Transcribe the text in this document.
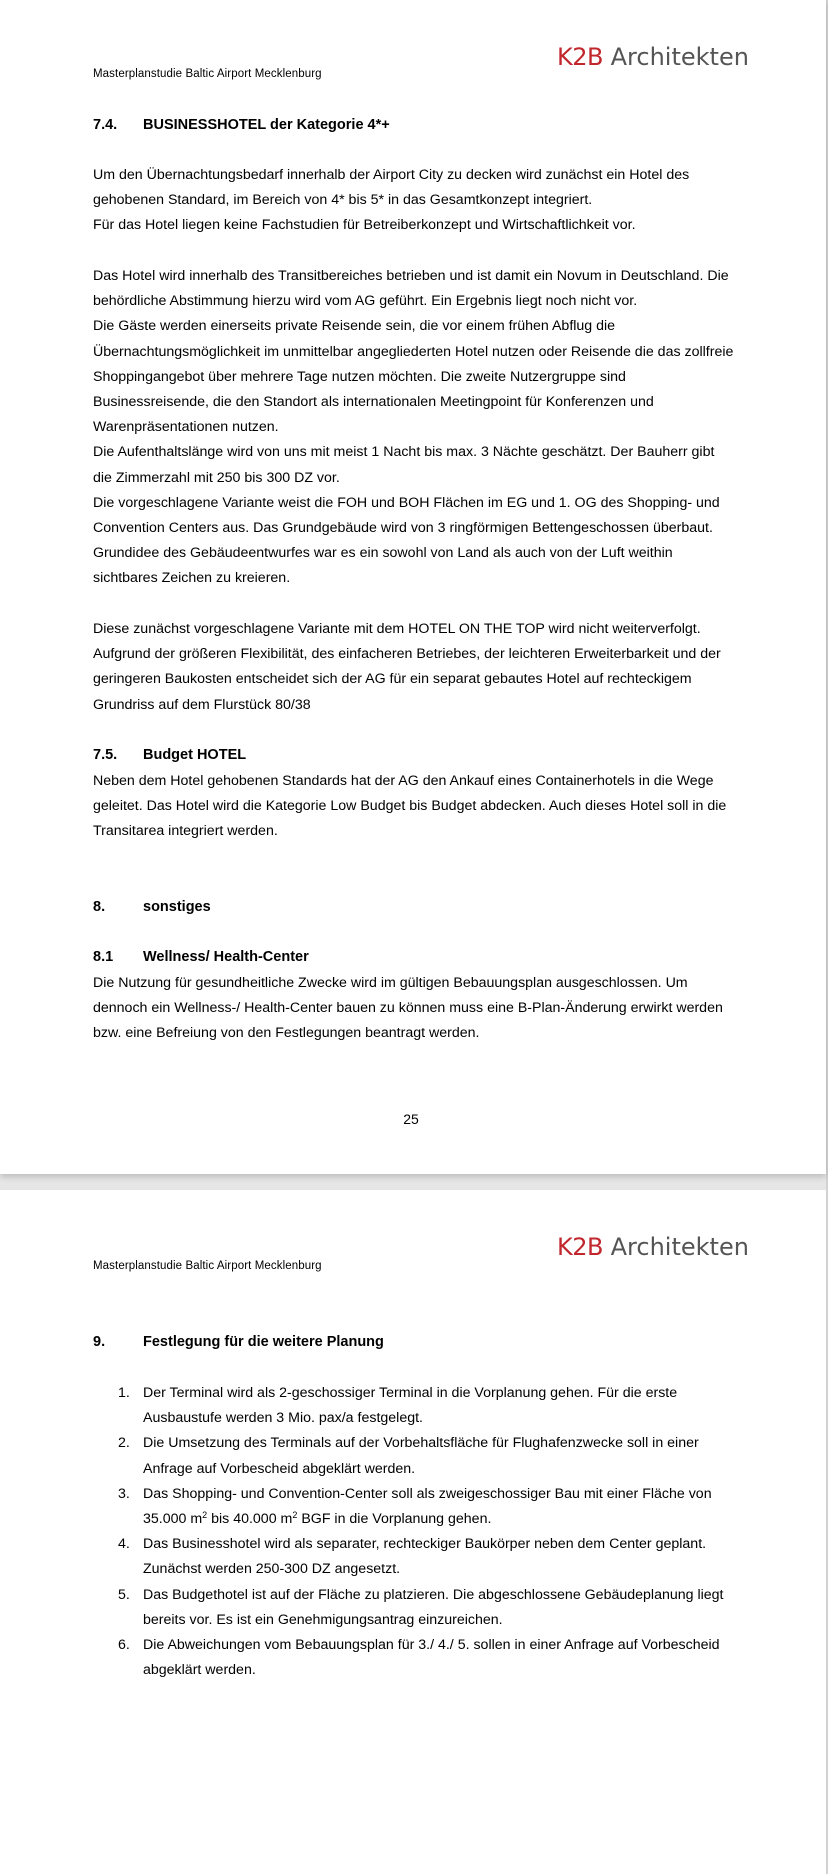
Masterplanstudie Baltic Airport Mecklenburg
K2B Architekten
7.4. BUSINESSHOTEL der Kategorie 4*+
Um den Übernachtungsbedarf innerhalb der Airport City zu decken wird zunächst ein Hotel des
gehobenen Standard, im Bereich von 4* bis 5* in das Gesamtkonzept integriert.
Für das Hotel liegen keine Fachstudien für Betreiberkonzept und Wirtschaftlichkeit vor.
Das Hotel wird innerhalb des Transitbereiches betrieben und ist damit ein Novum in Deutschland. Die
behördliche Abstimmung hierzu wird vom AG geführt. Ein Ergebnis liegt noch nicht vor.
Die Gäste werden einerseits private Reisende sein, die vor einem frühen Abflug die
Übernachtungsmöglichkeit im unmittelbar angegliederten Hotel nutzen oder Reisende die das zollfreie
Shoppingangebot über mehrere Tage nutzen möchten. Die zweite Nutzergruppe sind
Businessreisende, die den Standort als internationalen Meetingpoint für Konferenzen und
Warenpräsentationen nutzen.
Die Aufenthaltslänge wird von uns mit meist 1 Nacht bis max. 3 Nächte geschätzt. Der Bauherr gibt
die Zimmerzahl mit 250 bis 300 DZ vor.
Die vorgeschlagene Variante weist die FOH und BOH Flächen im EG und 1. OG des Shopping- und
Convention Centers aus. Das Grundgebäude wird von 3 ringförmigen Bettengeschossen überbaut.
Grundidee des Gebäudeentwurfes war es ein sowohl von Land als auch von der Luft weithin
sichtbares Zeichen zu kreieren.
Diese zunächst vorgeschlagene Variante mit dem HOTEL ON THE TOP wird nicht weiterverfolgt.
Aufgrund der größeren Flexibilität, des einfacheren Betriebes, der leichteren Erweiterbarkeit und der
geringeren Baukosten entscheidet sich der AG für ein separat gebautes Hotel auf rechteckigem
Grundriss auf dem Flurstück 80/38
7.5. Budget HOTEL
Neben dem Hotel gehobenen Standards hat der AG den Ankauf eines Containerhotels in die Wege
geleitet. Das Hotel wird die Kategorie Low Budget bis Budget abdecken. Auch dieses Hotel soll in die
Transitarea integriert werden.
8.	sonstiges
8.1 Wellness/ Health-Center
Die Nutzung für gesundheitliche Zwecke wird im gültigen Bebauungsplan ausgeschlossen. Um
dennoch ein Wellness-/ Health-Center bauen zu können muss eine B-Plan-Änderung erwirkt werden
bzw. eine Befreiung von den Festlegungen beantragt werden.
25
Masterplanstudie Baltic Airport Mecklenburg
K2B Architekten
9.	Festlegung für die weitere Planung
1. Der Terminal wird als 2-geschossiger Terminal in die Vorplanung gehen. Für die erste
Ausbaustufe werden 3 Mio. pax/a festgelegt.
2. Die Umsetzung des Terminals auf der Vorbehaltsfläche für Flughafenzwecke soll in einer
Anfrage auf Vorbescheid abgeklärt werden.
3. Das Shopping- und Convention-Center soll als zweigeschossiger Bau mit einer Fläche von
35.000 $m^2$ bis 40.000 $m^2$ BGF in die Vorplanung gehen.
4. Das Businesshotel wird als separater, rechteckiger Baukörper neben dem Center geplant.
Zunächst werden 250-300 DZ angesetzt.
5. Das Budgethotel ist auf der Fläche zu platzieren. Die abgeschlossene Gebäudeplanung liegt
bereits vor. Es ist ein Genehmigungsantrag einzureichen.
6. Die Abweichungen vom Bebauungsplan für 3./ 4./ 5. sollen in einer Anfrage auf Vorbescheid
abgeklärt werden.
